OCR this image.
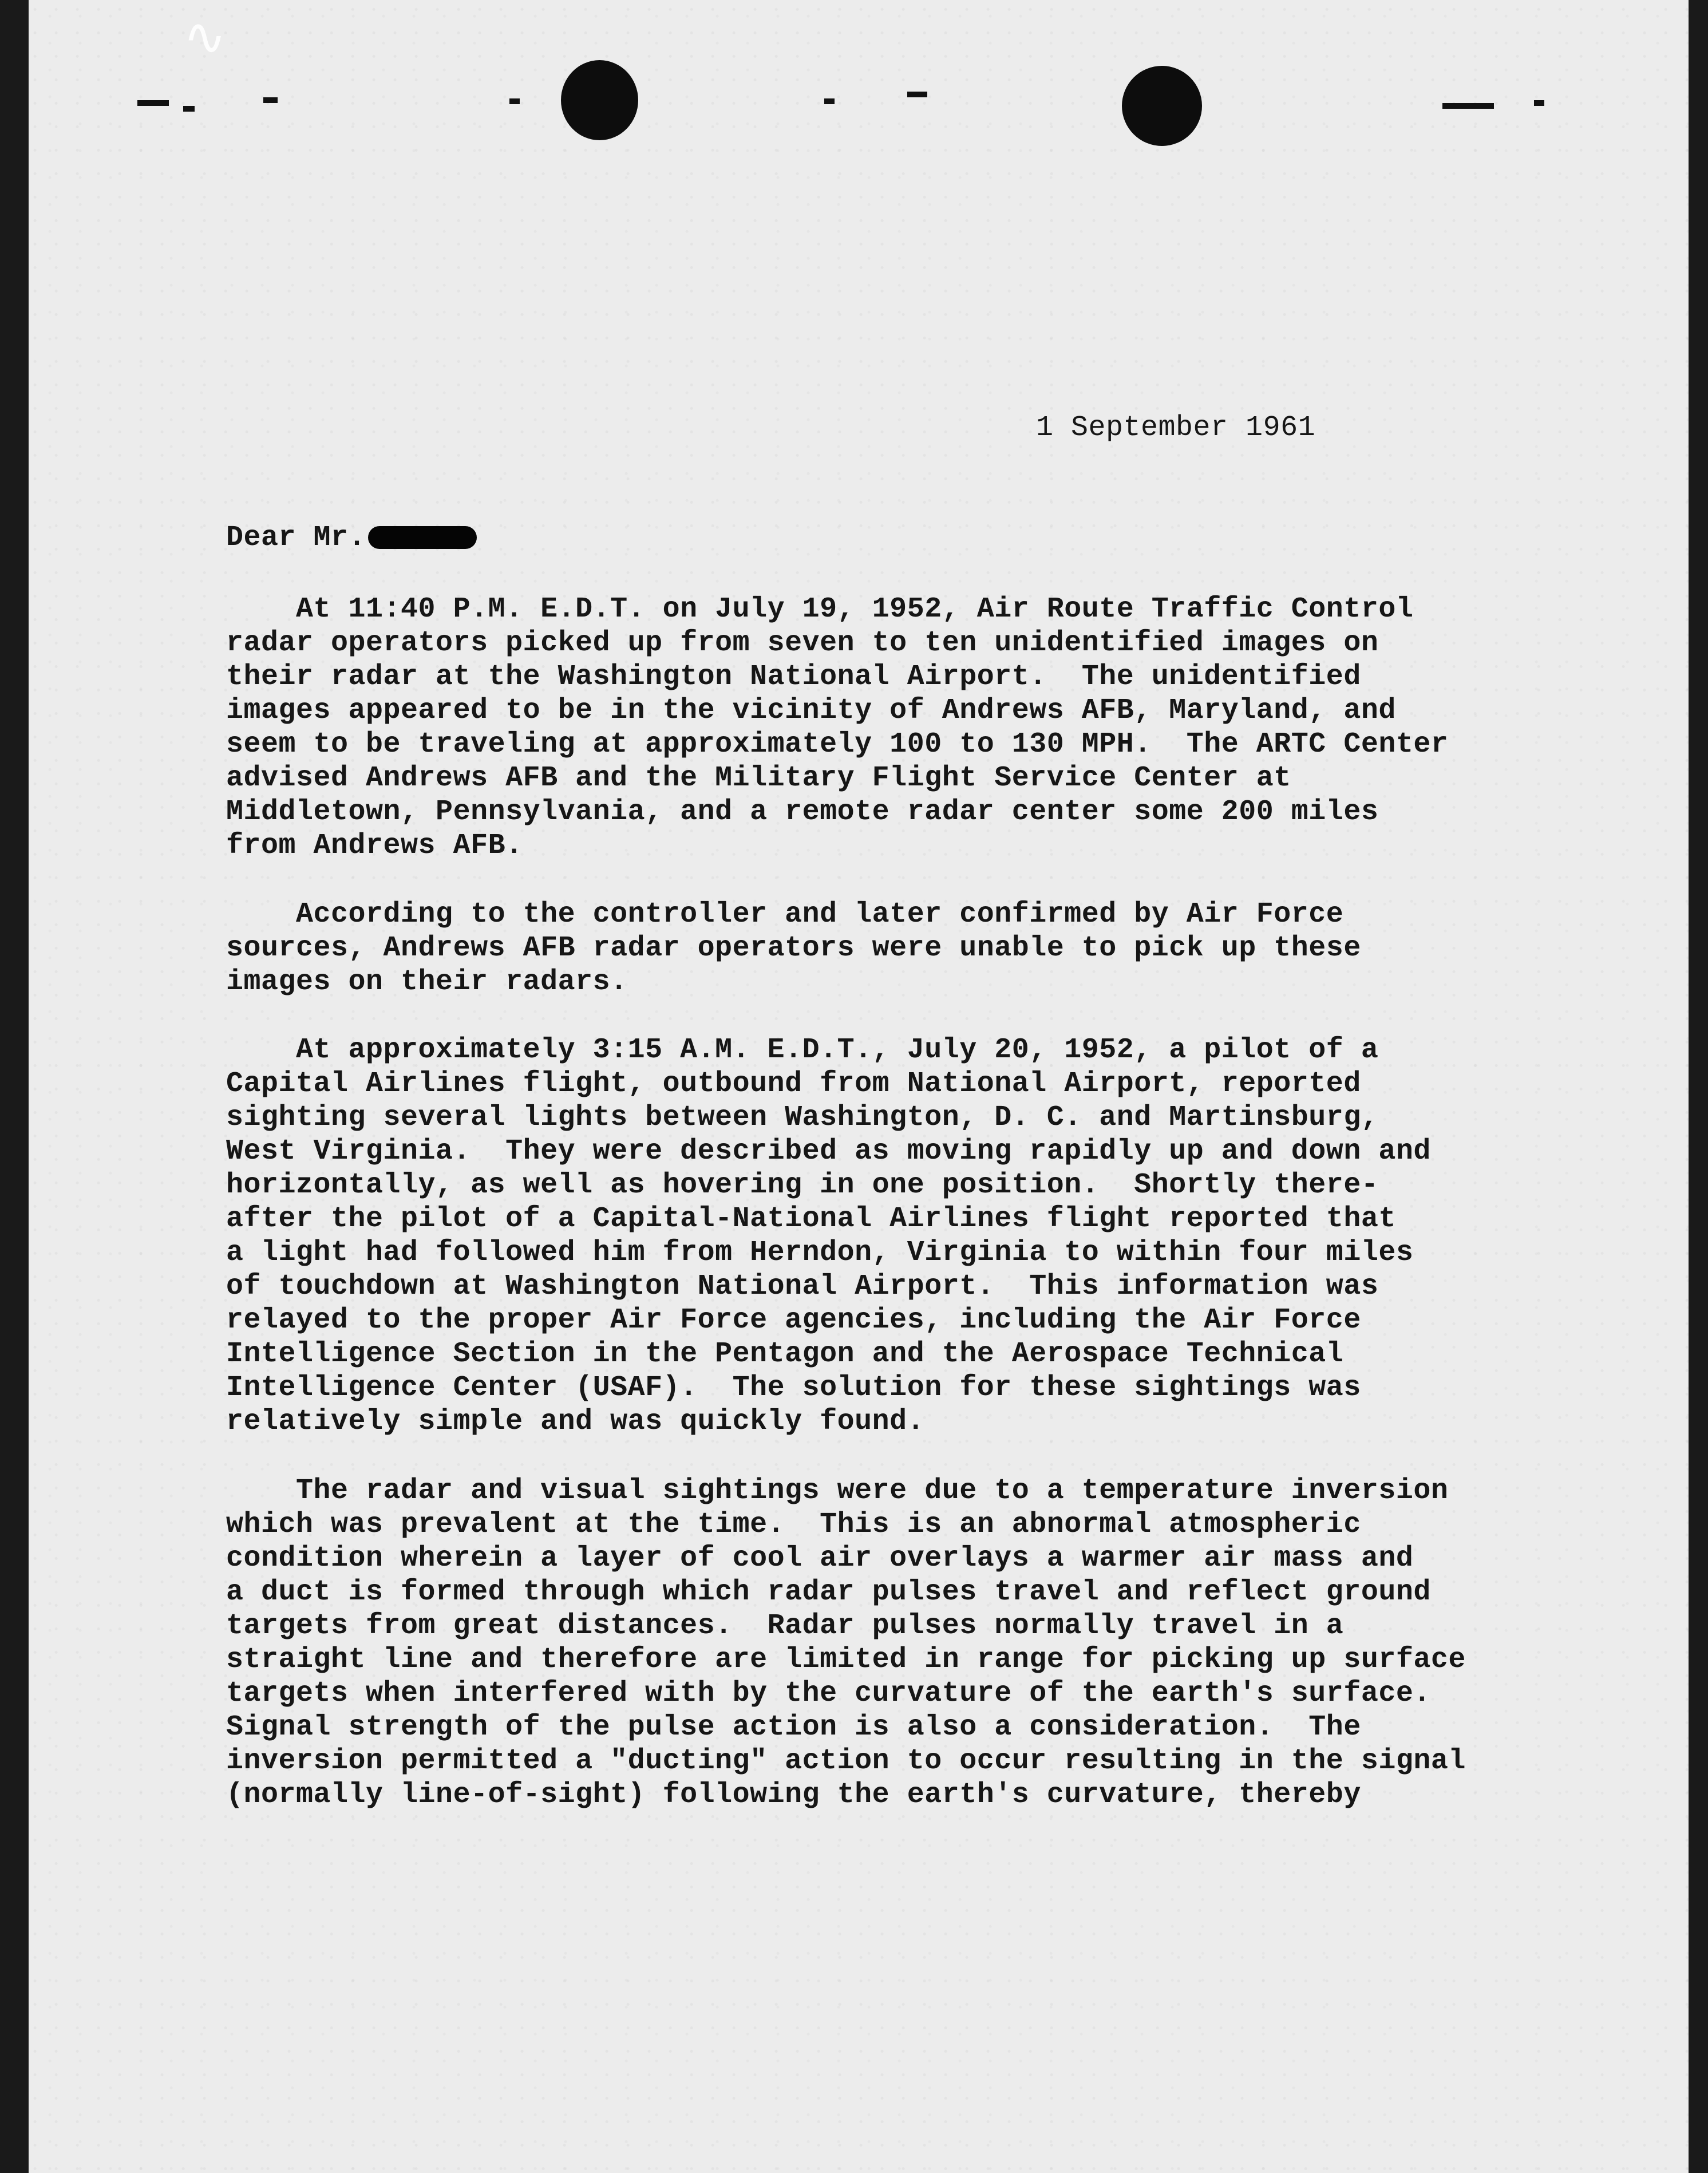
∿
1 September 1961
Dear Mr.
At 11:40 P.M. E.D.T. on July 19, 1952, Air Route Traffic Control
radar operators picked up from seven to ten unidentified images on
their radar at the Washington National Airport.  The unidentified
images appeared to be in the vicinity of Andrews AFB, Maryland, and
seem to be traveling at approximately 100 to 130 MPH.  The ARTC Center
advised Andrews AFB and the Military Flight Service Center at
Middletown, Pennsylvania, and a remote radar center some 200 miles
from Andrews AFB.
According to the controller and later confirmed by Air Force
sources, Andrews AFB radar operators were unable to pick up these
images on their radars.
At approximately 3:15 A.M. E.D.T., July 20, 1952, a pilot of a
Capital Airlines flight, outbound from National Airport, reported
sighting several lights between Washington, D. C. and Martinsburg,
West Virginia.  They were described as moving rapidly up and down and
horizontally, as well as hovering in one position.  Shortly there-
after the pilot of a Capital-National Airlines flight reported that
a light had followed him from Herndon, Virginia to within four miles
of touchdown at Washington National Airport.  This information was
relayed to the proper Air Force agencies, including the Air Force
Intelligence Section in the Pentagon and the Aerospace Technical
Intelligence Center (USAF).  The solution for these sightings was
relatively simple and was quickly found.
The radar and visual sightings were due to a temperature inversion
which was prevalent at the time.  This is an abnormal atmospheric
condition wherein a layer of cool air overlays a warmer air mass and
a duct is formed through which radar pulses travel and reflect ground
targets from great distances.  Radar pulses normally travel in a
straight line and therefore are limited in range for picking up surface
targets when interfered with by the curvature of the earth's surface.
Signal strength of the pulse action is also a consideration.  The
inversion permitted a "ducting" action to occur resulting in the signal
(normally line-of-sight) following the earth's curvature, thereby
